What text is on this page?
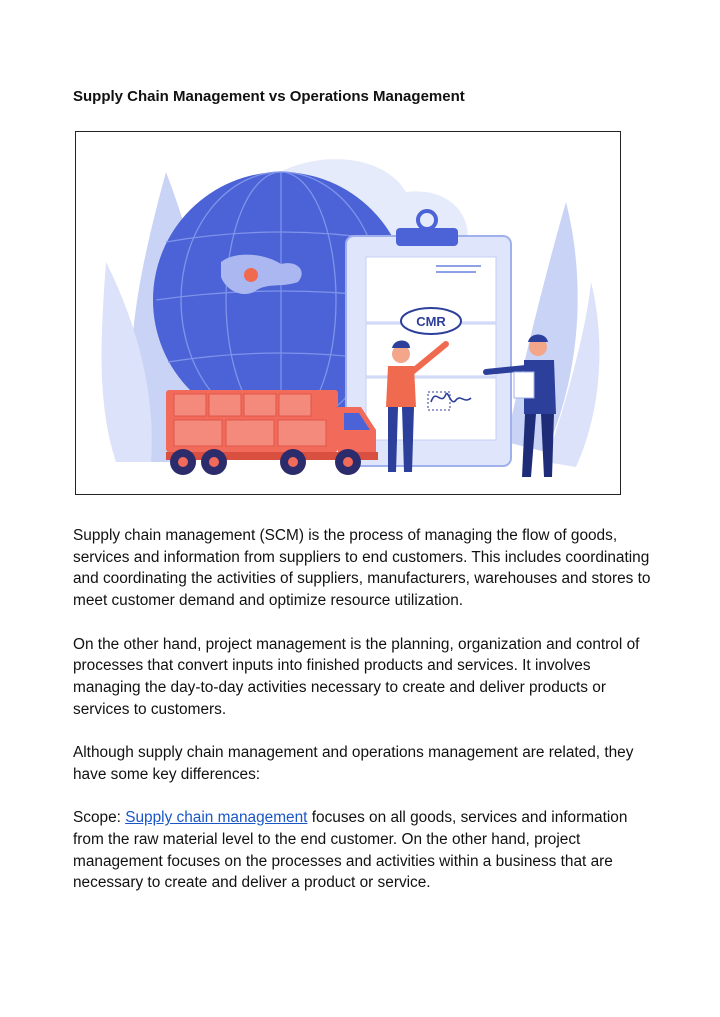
Supply Chain Management vs Operations Management
CMR

Supply chain management (SCM) is the process of managing the flow of goods, services and information from suppliers to end customers. This includes coordinating and coordinating the activities of suppliers, manufacturers, warehouses and stores to meet customer demand and optimize resource utilization.

On the other hand, project management is the planning, organization and control of processes that convert inputs into finished products and services. It involves managing the day-to-day activities necessary to create and deliver products or services to customers.

Although supply chain management and operations management are related, they have some key differences:

Scope: Supply chain management focuses on all goods, services and information from the raw material level to the end customer. On the other hand, project management focuses on the processes and activities within a business that are necessary to create and deliver a product or service.
